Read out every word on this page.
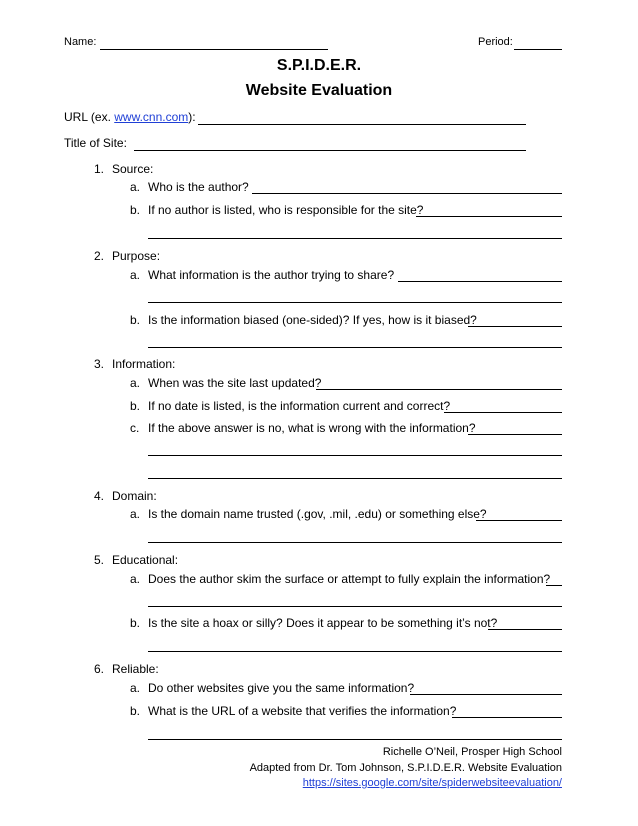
Name:	Period:
S.P.I.D.E.R.
Website Evaluation
URL (ex. www.cnn.com):
Title of Site:
1. Source:
a. Who is the author?
b. If no author is listed, who is responsible for the site?
2. Purpose:
a. What information is the author trying to share?
b. Is the information biased (one-sided)? If yes, how is it biased?
3. Information:
a. When was the site last updated?
b. If no date is listed, is the information current and correct?
c. If the above answer is no, what is wrong with the information?
4. Domain:
a. Is the domain name trusted (.gov, .mil, .edu) or something else?
5. Educational:
a. Does the author skim the surface or attempt to fully explain the information?
b. Is the site a hoax or silly? Does it appear to be something it’s not?
6. Reliable:
a. Do other websites give you the same information?
b. What is the URL of a website that verifies the information?
Richelle O’Neil, Prosper High School
Adapted from Dr. Tom Johnson, S.P.I.D.E.R. Website Evaluation
https://sites.google.com/site/spiderwebsiteevaluation/
